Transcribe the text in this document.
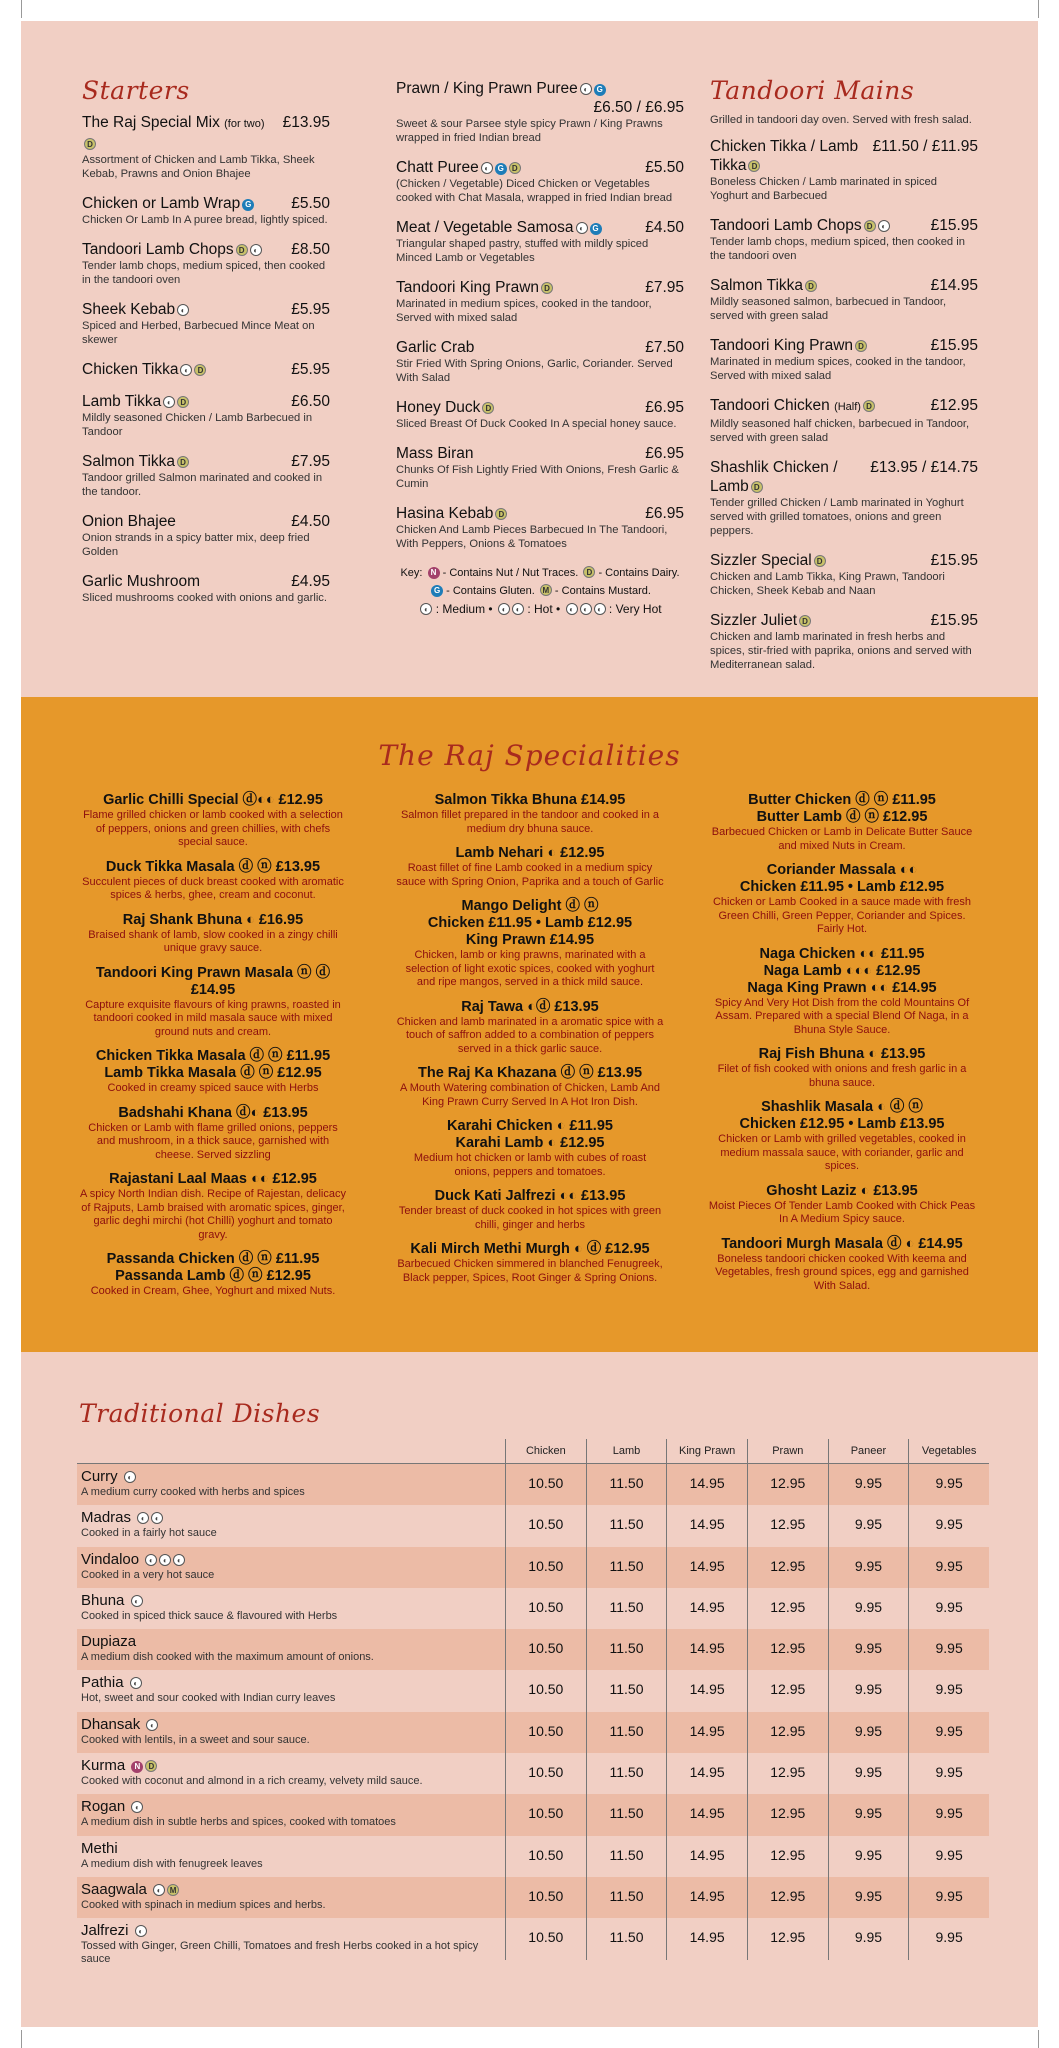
Starters
The Raj Special Mix (for two)D
£13.95
Assortment of Chicken and Lamb Tikka, Sheek Kebab, Prawns and Onion Bhajee
Chicken or Lamb Wrap G	£5.50
Chicken Or Lamb In A puree bread, lightly spiced.
Tandoori Lamb Chops D ◐	£8.50
Tender lamb chops, medium spiced, then cooked in the tandoori oven
Sheek Kebab ◐	£5.95
Spiced and Herbed, Barbecued Mince Meat on skewer
Chicken Tikka ◐ D	£5.95
Lamb Tikka ◐ D	£6.50
Mildly seasoned Chicken / Lamb Barbecued in Tandoor
Salmon Tikka D	£7.95
Tandoor grilled Salmon marinated and cooked in the tandoor.
Onion Bhajee	£4.50
Onion strands in a spicy batter mix, deep fried Golden
Garlic Mushroom	£4.95
Sliced mushrooms cooked with onions and garlic.
Prawn / King Prawn Puree ◐ G
£6.50 / £6.95
Sweet & sour Parsee style spicy Prawn / King Prawns wrapped in fried Indian bread
Chatt Puree ◐ G D	£5.50
(Chicken / Vegetable) Diced Chicken or Vegetables cooked with Chat Masala, wrapped in fried Indian bread
Meat / Vegetable Samosa ◐ G	£4.50
Triangular shaped pastry, stuffed with mildly spiced Minced Lamb or Vegetables
Tandoori King Prawn D	£7.95
Marinated in medium spices, cooked in the tandoor, Served with mixed salad
Garlic Crab	£7.50
Stir Fried With Spring Onions, Garlic, Coriander. Served With Salad
Honey Duck D	£6.95
Sliced Breast Of Duck Cooked In A special honey sauce.
Mass Biran	£6.95
Chunks Of Fish Lightly Fried With Onions, Fresh Garlic & Cumin
Hasina Kebab D	£6.95
Chicken And Lamb Pieces Barbecued In The Tandoori, With Peppers, Onions & Tomatoes
Key: N - Contains Nut / Nut Traces. D - Contains Dairy.
G - Contains Gluten. M - Contains Mustard.
◐ : Medium • ◐ ◐ : Hot • ◐ ◐ ◐ : Very Hot
Tandoori Mains
Grilled in tandoori day oven. Served with fresh salad.
Chicken Tikka / Lamb Tikka D
£11.50 / £11.95
Boneless Chicken / Lamb marinated in spiced Yoghurt and Barbecued
Tandoori Lamb Chops D ◐	£15.95
Tender lamb chops, medium spiced, then cooked in the tandoori oven
Salmon Tikka D	£14.95
Mildly seasoned salmon, barbecued in Tandoor, served with green salad
Tandoori King Prawn D	£15.95
Marinated in medium spices, cooked in the tandoor, Served with mixed salad
Tandoori Chicken (Half) D	£12.95
Mildly seasoned half chicken, barbecued in Tandoor, served with green salad
Shashlik Chicken / Lamb D
£13.95 / £14.75
Tender grilled Chicken / Lamb marinated in Yoghurt served with grilled tomatoes, onions and green peppers.
Sizzler Special D	£15.95
Chicken and Lamb Tikka, King Prawn, Tandoori Chicken, Sheek Kebab and Naan
Sizzler Juliet D	£15.95
Chicken and lamb marinated in fresh herbs and spices, stir-fried with paprika, onions and served with Mediterranean salad.
The Raj Specialities
Garlic Chilli Special ⓓ◐◐ £12.95
Flame grilled chicken or lamb cooked with a selection of peppers, onions and green chillies, with chefs special sauce.
Duck Tikka Masala ⓓ ⓝ £13.95
Succulent pieces of duck breast cooked with aromatic spices & herbs, ghee, cream and coconut.
Raj Shank Bhuna ◐ £16.95
Braised shank of lamb, slow cooked in a zingy chilli unique gravy sauce.
Tandoori King Prawn Masala ⓝ ⓓ £14.95
Capture exquisite flavours of king prawns, roasted in tandoori cooked in mild masala sauce with mixed ground nuts and cream.
Chicken Tikka Masala ⓓ ⓝ £11.95
Lamb Tikka Masala ⓓ ⓝ £12.95
Cooked in creamy spiced sauce with Herbs
Badshahi Khana ⓓ◐ £13.95
Chicken or Lamb with flame grilled onions, peppers and mushroom, in a thick sauce, garnished with cheese. Served sizzling
Rajastani Laal Maas ◐◐ £12.95
A spicy North Indian dish. Recipe of Rajestan, delicacy of Rajputs, Lamb braised with aromatic spices, ginger, garlic deghi mirchi (hot Chilli) yoghurt and tomato gravy.
Passanda Chicken ⓓ ⓝ £11.95
Passanda Lamb ⓓ ⓝ £12.95
Cooked in Cream, Ghee, Yoghurt and mixed Nuts.
Salmon Tikka Bhuna £14.95
Salmon fillet prepared in the tandoor and cooked in a medium dry bhuna sauce.
Lamb Nehari ◐ £12.95
Roast fillet of fine Lamb cooked in a medium spicy sauce with Spring Onion, Paprika and a touch of Garlic
Mango Delight ⓓ ⓝ
Chicken £11.95 • Lamb £12.95
King Prawn £14.95
Chicken, lamb or king prawns, marinated with a selection of light exotic spices, cooked with yoghurt and ripe mangos, served in a thick mild sauce.
Raj Tawa ◐ⓓ £13.95
Chicken and lamb marinated in a aromatic spice with a touch of saffron added to a combination of peppers served in a thick garlic sauce.
The Raj Ka Khazana ⓓ ⓝ £13.95
A Mouth Watering combination of Chicken, Lamb And King Prawn Curry Served In A Hot Iron Dish.
Karahi Chicken ◐ £11.95
Karahi Lamb ◐ £12.95
Medium hot chicken or lamb with cubes of roast onions, peppers and tomatoes.
Duck Kati Jalfrezi ◐◐ £13.95
Tender breast of duck cooked in hot spices with green chilli, ginger and herbs
Kali Mirch Methi Murgh ◐ ⓓ £12.95
Barbecued Chicken simmered in blanched Fenugreek, Black pepper, Spices, Root Ginger & Spring Onions.
Butter Chicken ⓓ ⓝ £11.95
Butter Lamb ⓓ ⓝ £12.95
Barbecued Chicken or Lamb in Delicate Butter Sauce and mixed Nuts in Cream.
Coriander Massala ◐◐
Chicken £11.95 • Lamb £12.95
Chicken or Lamb Cooked in a sauce made with fresh Green Chilli, Green Pepper, Coriander and Spices. Fairly Hot.
Naga Chicken ◐◐ £11.95
Naga Lamb ◐◐◐ £12.95
Naga King Prawn ◐◐ £14.95
Spicy And Very Hot Dish from the cold Mountains Of Assam. Prepared with a special Blend Of Naga, in a Bhuna Style Sauce.
Raj Fish Bhuna ◐ £13.95
Filet of fish cooked with onions and fresh garlic in a bhuna sauce.
Shashlik Masala ◐ ⓓ ⓝ
Chicken £12.95 • Lamb £13.95
Chicken or Lamb with grilled vegetables, cooked in medium massala sauce, with coriander, garlic and spices.
Ghosht Laziz ◐ £13.95
Moist Pieces Of Tender Lamb Cooked with Chick Peas In A Medium Spicy sauce.
Tandoori Murgh Masala ⓓ ◐ £14.95
Boneless tandoori chicken cooked With keema and Vegetables, fresh ground spices, egg and garnished With Salad.
Traditional Dishes
Chicken	Lamb	King Prawn	Prawn	Paneer	Vegetables
Curry ◐
A medium curry cooked with herbs and spices
10.50	11.50	14.95	12.95	9.95	9.95
Madras ◐ ◐
Cooked in a fairly hot sauce
10.50	11.50	14.95	12.95	9.95	9.95
Vindaloo ◐ ◐ ◐
Cooked in a very hot sauce
10.50	11.50	14.95	12.95	9.95	9.95
Bhuna ◐
Cooked in spiced thick sauce & flavoured with Herbs
10.50	11.50	14.95	12.95	9.95	9.95
Dupiaza
A medium dish cooked with the maximum amount of onions.
10.50	11.50	14.95	12.95	9.95	9.95
Pathia ◐
Hot, sweet and sour cooked with Indian curry leaves
10.50	11.50	14.95	12.95	9.95	9.95
Dhansak ◐
Cooked with lentils, in a sweet and sour sauce.
10.50	11.50	14.95	12.95	9.95	9.95
Kurma N D
Cooked with coconut and almond in a rich creamy, velvety mild sauce.
10.50	11.50	14.95	12.95	9.95	9.95
Rogan ◐
A medium dish in subtle herbs and spices, cooked with tomatoes
10.50	11.50	14.95	12.95	9.95	9.95
Methi
A medium dish with fenugreek leaves
10.50	11.50	14.95	12.95	9.95	9.95
Saagwala ◐ M
Cooked with spinach in medium spices and herbs.
10.50	11.50	14.95	12.95	9.95	9.95
Jalfrezi ◐
Tossed with Ginger, Green Chilli, Tomatoes and fresh Herbs cooked in a hot spicy sauce
10.50	11.50	14.95	12.95	9.95	9.95
